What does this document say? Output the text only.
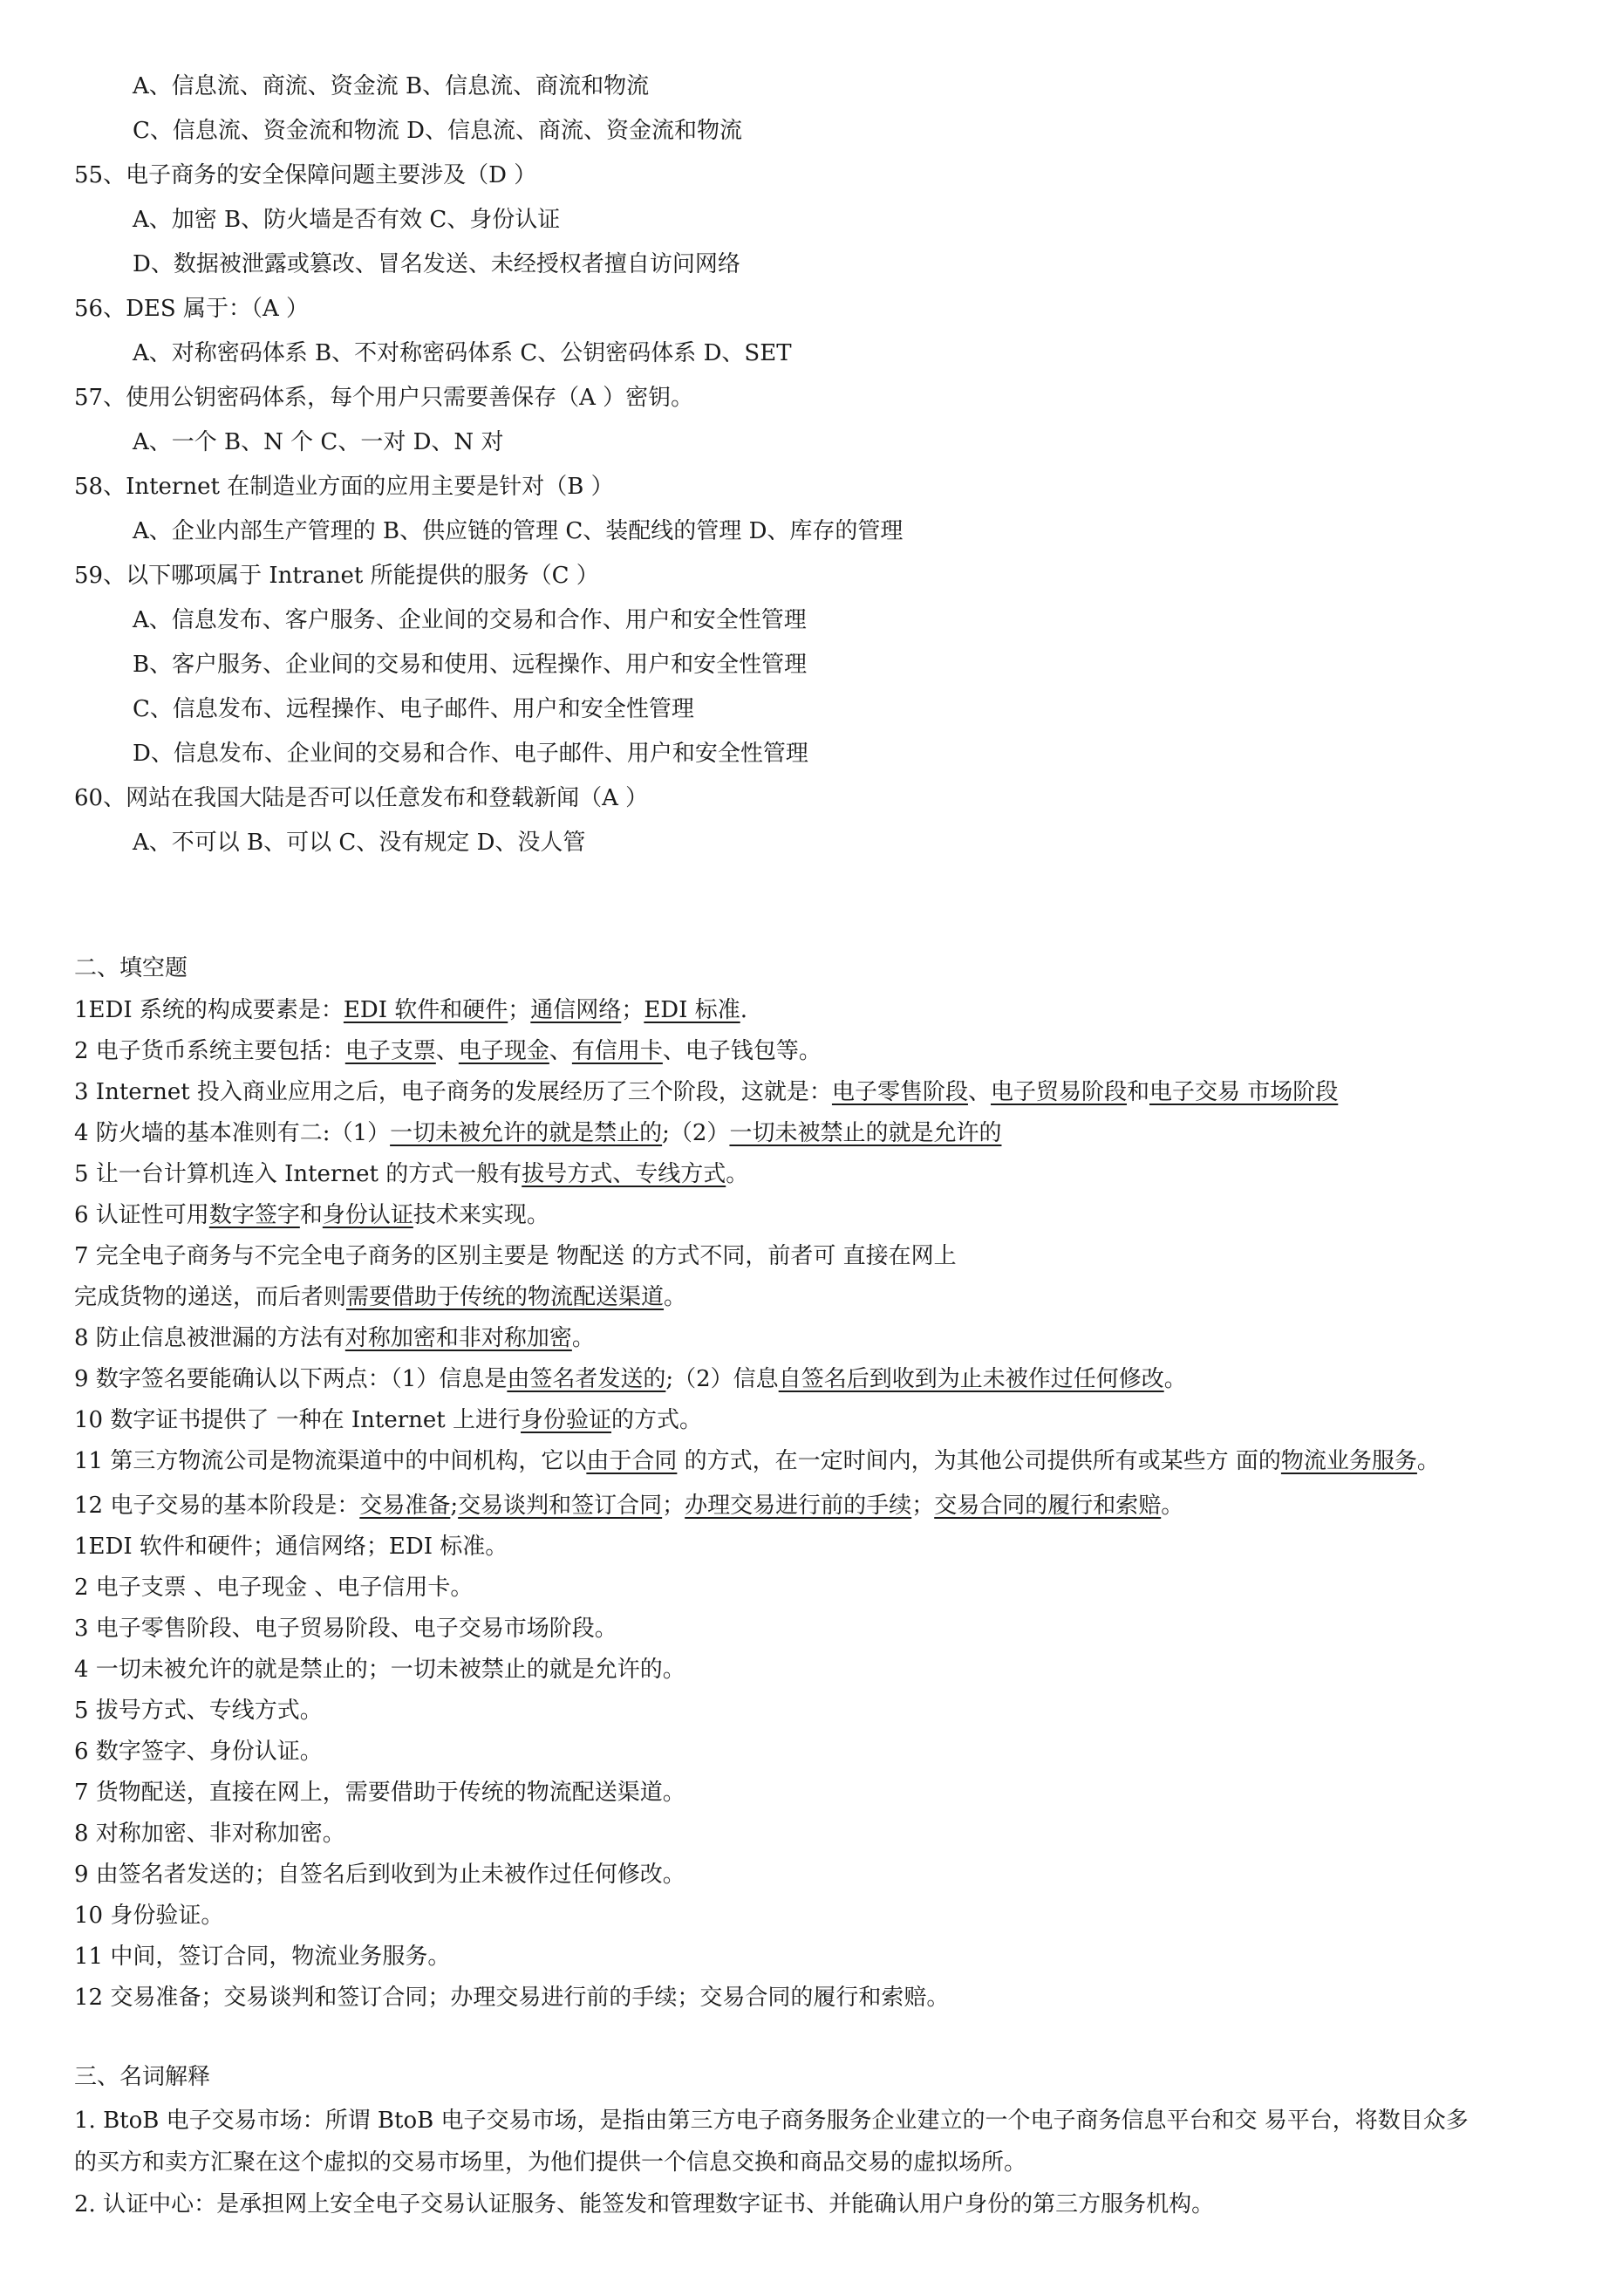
A、信息流、商流、资金流 B、信息流、商流和物流
C、信息流、资金流和物流 D、信息流、商流、资金流和物流
55、电子商务的安全保障问题主要涉及（D ）
A、加密 B、防火墙是否有效 C、身份认证
D、数据被泄露或篡改、冒名发送、未经授权者擅自访问网络
56、DES 属于：（A ）
A、对称密码体系 B、不对称密码体系 C、公钥密码体系 D、SET
57、使用公钥密码体系，每个用户只需要善保存（A ）密钥。
A、一个 B、N 个 C、一对 D、N 对
58、Internet 在制造业方面的应用主要是针对（B ）
A、企业内部生产管理的 B、供应链的管理 C、装配线的管理 D、库存的管理
59、以下哪项属于 Intranet 所能提供的服务（C ）
A、信息发布、客户服务、企业间的交易和合作、用户和安全性管理
B、客户服务、企业间的交易和使用、远程操作、用户和安全性管理
C、信息发布、远程操作、电子邮件、用户和安全性管理
D、信息发布、企业间的交易和合作、电子邮件、用户和安全性管理
60、网站在我国大陆是否可以任意发布和登载新闻（A ）
A、不可以 B、可以 C、没有规定 D、没人管
二、填空题
1EDI 系统的构成要素是：EDI 软件和硬件；通信网络；EDI 标准.
2 电子货币系统主要包括：电子支票、电子现金、有信用卡、电子钱包等。
3 Internet 投入商业应用之后，电子商务的发展经历了三个阶段，这就是：电子零售阶段、电子贸易阶段和电子交易 市场阶段
4 防火墙的基本准则有二:（1）一切未被允许的就是禁止的;（2）一切未被禁止的就是允许的
5 让一台计算机连入 Internet 的方式一般有拔号方式、专线方式。
6 认证性可用数字签字和身份认证技术来实现。
7 完全电子商务与不完全电子商务的区别主要是 物配送 的方式不同，前者可 直接在网上
完成货物的递送，而后者则需要借助于传统的物流配送渠道。
8 防止信息被泄漏的方法有对称加密和非对称加密。
9 数字签名要能确认以下两点：（1）信息是由签名者发送的;（2）信息自签名后到收到为止未被作过任何修改。
10 数字证书提供了 一种在 Internet 上进行身份验证的方式。
11 第三方物流公司是物流渠道中的中间机构，它以由于合同 的方式，在一定时间内，为其他公司提供所有或某些方 面的物流业务服务。
12 电子交易的基本阶段是：交易准备;交易谈判和签订合同；办理交易进行前的手续；交易合同的履行和索赔。
1EDI 软件和硬件；通信网络；EDI 标准。
2 电子支票 、电子现金 、电子信用卡。
3 电子零售阶段、电子贸易阶段、电子交易市场阶段。
4 一切未被允许的就是禁止的；一切未被禁止的就是允许的。
5 拔号方式、专线方式。
6 数字签字、身份认证。
7 货物配送，直接在网上，需要借助于传统的物流配送渠道。
8 对称加密、非对称加密。
9 由签名者发送的；自签名后到收到为止未被作过任何修改。
10 身份验证。
11 中间，签订合同，物流业务服务。
12 交易准备；交易谈判和签订合同；办理交易进行前的手续；交易合同的履行和索赔。
三、名词解释
1. BtoB 电子交易市场：所谓 BtoB 电子交易市场，是指由第三方电子商务服务企业建立的一个电子商务信息平台和交 易平台，将数目众多
的买方和卖方汇聚在这个虚拟的交易市场里，为他们提供一个信息交换和商品交易的虚拟场所。
2. 认证中心：是承担网上安全电子交易认证服务、能签发和管理数字证书、并能确认用户身份的第三方服务机构。
